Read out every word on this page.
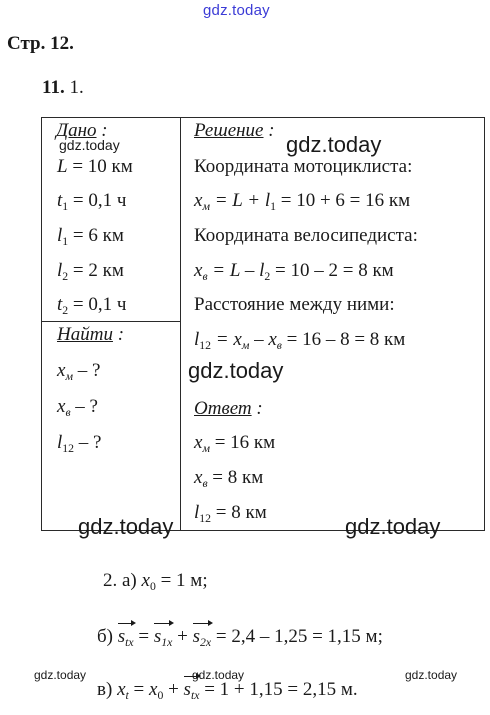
gdz.today
Стр. 12.
11. 1.
Дано :
gdz.today
L = 10 км
$t_1 = 0,1$ ч
$l_1 = 6$ км
$l_2 = 2$ км
$t_2 = 0,1$ ч
Найти :
$x_м$ – ?
$x_в$ – ?
$l_{12}$ – ?
Решение :
gdz.today
Координата мотоциклиста:
$x_м = L + l_1 = 10 + 6 = 16$ км
Координата велосипедиста:
$x_в = L - l_2 = 10 - 2 = 8$ км
Расстояние между ними:
$l_{12} = x_м - x_в = 16 - 8 = 8$ км
gdz.today
Ответ :
$x_м = 16$ км
$x_в = 8$ км
$l_{12} = 8$ км
gdz.today	gdz.today
2. а) $x_0 = 1$ м;
б) $s_{tx} = s_{1x} + s_{2x} = 2,4 - 1,25 = 1,15$ м;
gdz.today	gdz.today	gdz.today
в) $x_t = x_0 + s_{tx} = 1 + 1,15 = 2,15$ м.
